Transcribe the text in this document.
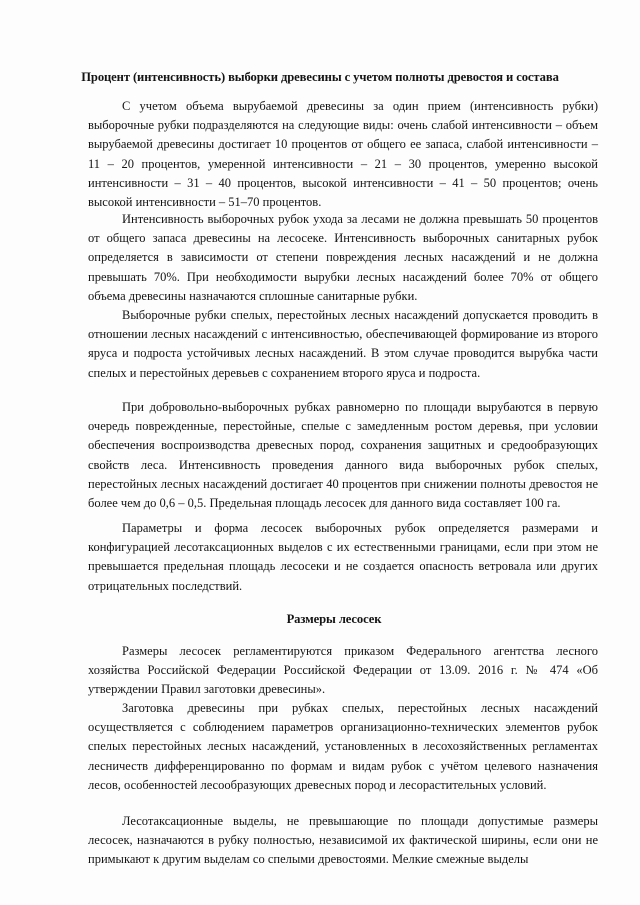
Процент (интенсивность) выборки древесины с учетом полноты древостоя и состава

С учетом объема вырубаемой древесины за один прием (интенсивность рубки) выборочные рубки подразделяются на следующие виды: очень слабой интенсивности – объем вырубаемой древесины достигает 10 процентов от общего ее запаса, слабой интенсивности – 11 – 20 процентов, умеренной интенсивности – 21 – 30 процентов, умеренно высокой интенсивности – 31 – 40 процентов, высокой интенсивности – 41 – 50 процентов; очень высокой интенсивности – 51–70 процентов.

Интенсивность выборочных рубок ухода за лесами не должна превышать 50 процентов от общего запаса древесины на лесосеке. Интенсивность выборочных санитарных рубок определяется в зависимости от степени повреждения лесных насаждений и не должна превышать 70%. При необходимости вырубки лесных насаждений более 70% от общего объема древесины назначаются сплошные санитарные рубки.

Выборочные рубки спелых, перестойных лесных насаждений допускается проводить в отношении лесных насаждений с интенсивностью, обеспечивающей формирование из второго яруса и подроста устойчивых лесных насаждений. В этом случае проводится вырубка части спелых и перестойных деревьев с сохранением второго яруса и подроста.

При добровольно-выборочных рубках равномерно по площади вырубаются в первую очередь поврежденные, перестойные, спелые с замедленным ростом деревья, при условии обеспечения воспроизводства древесных пород, сохранения защитных и средообразующих свойств леса. Интенсивность проведения данного вида выборочных рубок спелых, перестойных лесных насаждений достигает 40 процентов при снижении полноты древостоя не более чем до 0,6 – 0,5. Предельная площадь лесосек для данного вида составляет 100 га.

Параметры и форма лесосек выборочных рубок определяется размерами и конфигурацией лесотаксационных выделов с их естественными границами, если при этом не превышается предельная площадь лесосеки и не создается опасность ветровала или других отрицательных последствий.

Размеры лесосек

Размеры лесосек регламентируются приказом Федерального агентства лесного хозяйства Российской Федерации Российской Федерации от 13.09. 2016 г. № 474 «Об утверждении Правил заготовки древесины».

Заготовка древесины при рубках спелых, перестойных лесных насаждений осуществляется с соблюдением параметров организационно-технических элементов рубок спелых перестойных лесных насаждений, установленных в лесохозяйственных регламентах лесничеств дифференцированно по формам и видам рубок с учётом целевого назначения лесов, особенностей лесообразующих древесных пород и лесорастительных условий.

Лесотаксационные выделы, не превышающие по площади допустимые размеры лесосек, назначаются в рубку полностью, независимой их фактической ширины, если они не примыкают к другим выделам со спелыми древостоями. Мелкие смежные выделы
